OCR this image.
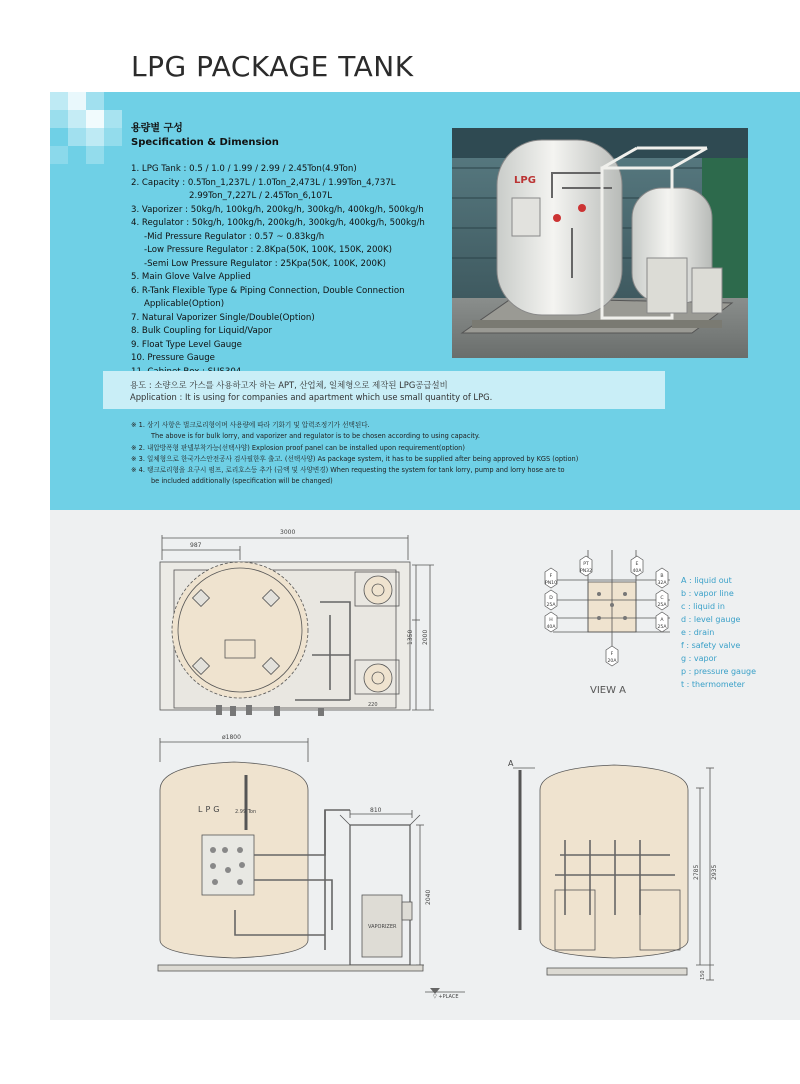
LPG PACKAGE TANK
용량별 구성
Specification & Dimension
1. LPG Tank : 0.5 / 1.0 / 1.99 / 2.99 / 2.45Ton(4.9Ton)
2. Capacity : 0.5Ton_1,237L / 1.0Ton_2,473L / 1.99Ton_4,737L
2.99Ton_7,227L / 2.45Ton_6,107L
3. Vaporizer : 50kg/h, 100kg/h, 200kg/h, 300kg/h, 400kg/h, 500kg/h
4. Regulator : 50kg/h, 100kg/h, 200kg/h, 300kg/h, 400kg/h, 500kg/h
-Mid Pressure Regulator : 0.57 ~ 0.83kg/h
-Low Pressure Regulator : 2.8Kpa(50K, 100K, 150K, 200K)
-Semi Low Pressure Regulator : 25Kpa(50K, 100K, 200K)
5. Main Glove Valve Applied
6. R-Tank Flexible Type & Piping Connection, Double Connection
Applicable(Option)
7. Natural Vaporizer Single/Double(Option)
8. Bulk Coupling for Liquid/Vapor
9. Float Type Level Gauge
10. Pressure Gauge
LPG
용도 : 소량으로 가스를 사용하고자 하는 APT, 산업체, 일체형으로 제작된 LPG공급설비
Application : It is using for companies and apartment which use small quantity of LPG.
※ 1. 상기 사항은 벌크로리형이며 사용량에 따라 기화기 및 압력조정기가 선택된다.
The above is for bulk lorry, and vaporizer and regulator is to be chosen according to using capacity.
※ 2. 내압방폭형 판넬부착가능(선택사양) Explosion proof panel can be installed upon requirement(option)
※ 3. 일체형으로 한국가스안전공사 검사필한후 출고. (선택사양) As package system, it has to be supplied after being approved by KGS (option)
※ 4. 탱크로리형을 요구시 펌프, 로리호스등 추가 (금액 및 사양변경) When requesting the system for tank lorry, pump and lorry hose are to
be included additionally (specification will be changed)
3000
987
1350 2000
220
ø1800
LPG	2.99 Ton	810
2040
VAPORIZER
▽ +PLACE
A
2785 2935
150
E
40A
F
PN10
PT
PN32
B
32A
C
25A
D
25A
H
40A
A
25A
F
20A
VIEW A
A : liquid out
b : vapor line
c : liquid in
d : level gauge
e : drain
f : safety valve
g : vapor
p : pressure gauge
t : thermometer
